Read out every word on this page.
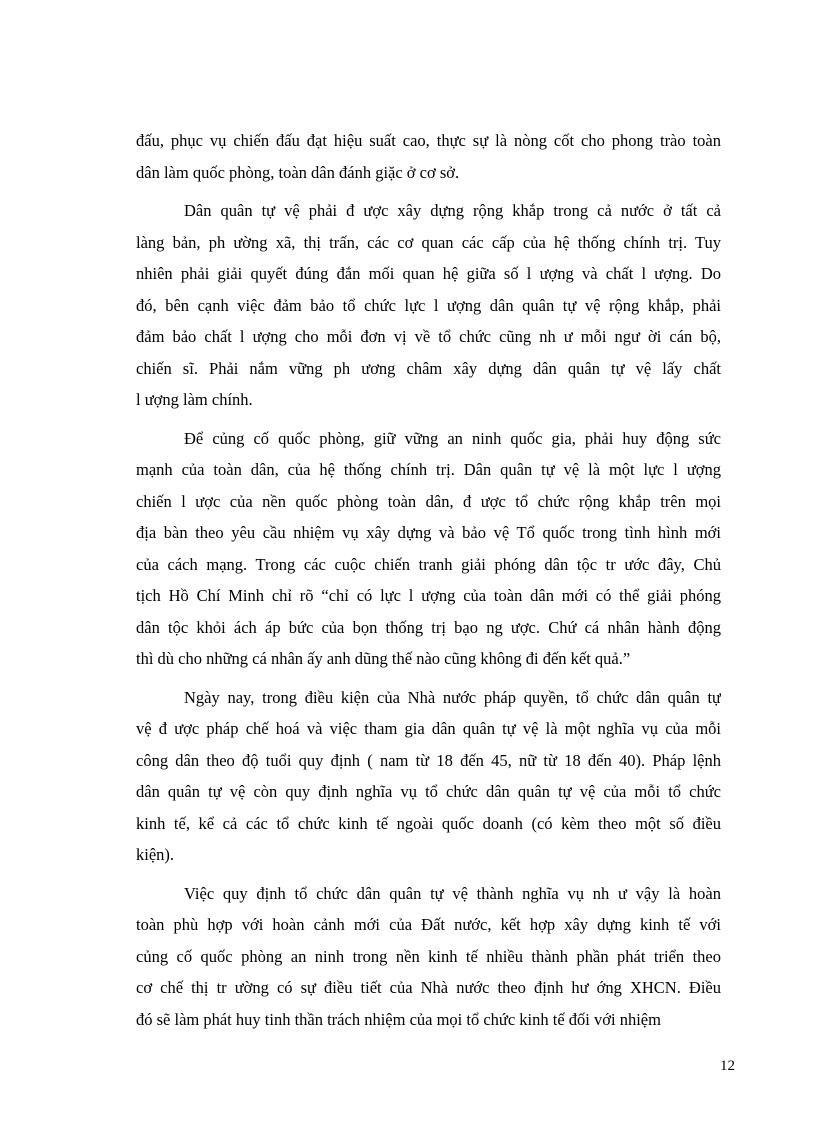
đấu, phục vụ chiến đấu đạt hiệu suất cao, thực sự là nòng cốt cho phong trào toàn
dân làm quốc phòng, toàn dân đánh giặc ở cơ sở.
Dân quân tự vệ phải đ ược xây dựng rộng khắp trong cả nước ở tất cả
làng bản, ph ường xã, thị trấn, các cơ quan các cấp của hệ thống chính trị. Tuy
nhiên phải giải quyết đúng đắn mối quan hệ giữa số l ượng và chất l ượng. Do
đó, bên cạnh việc đảm bảo tổ chức lực l ượng dân quân tự vệ rộng khắp, phải
đảm bảo chất l ượng cho mỗi đơn vị về tổ chức cũng nh ư mỗi ngư ời cán bộ,
chiến sĩ. Phải nắm vững ph ương châm xây dựng dân quân tự vệ lấy chất
l ượng làm chính.
Để củng cố quốc phòng, giữ vững an ninh quốc gia, phải huy động sức
mạnh của toàn dân, của hệ thống chính trị. Dân quân tự vệ là một lực l ượng
chiến l ược của nền quốc phòng toàn dân, đ ược tổ chức rộng khắp trên mọi
địa bàn theo yêu cầu nhiệm vụ xây dựng và bảo vệ Tổ quốc trong tình hình mới
của cách mạng. Trong các cuộc chiến tranh giải phóng dân tộc tr ước đây, Chủ
tịch Hồ Chí Minh chỉ rõ “chỉ có lực l ượng của toàn dân mới có thể giải phóng
dân tộc khỏi ách áp bức của bọn thống trị bạo ng ược. Chứ cá nhân hành động
thì dù cho những cá nhân ấy anh dũng thế nào cũng không đi đến kết quả.”
Ngày nay, trong điều kiện của Nhà nước pháp quyền, tổ chức dân quân tự
vệ đ ược pháp chế hoá và việc tham gia dân quân tự vệ là một nghĩa vụ của mỗi
công dân theo độ tuổi quy định ( nam từ 18 đến 45, nữ từ 18 đến 40). Pháp lệnh
dân quân tự vệ còn quy định nghĩa vụ tổ chức dân quân tự vệ của mỗi tổ chức
kinh tế, kể cả các tổ chức kinh tế ngoài quốc doanh (có kèm theo một số điều
kiện).
Việc quy định tổ chức dân quân tự vệ thành nghĩa vụ nh ư vậy là hoàn
toàn phù hợp với hoàn cảnh mới của Đất nước, kết hợp xây dựng kinh tế với
củng cố quốc phòng an ninh trong nền kinh tế nhiều thành phần phát triển theo
cơ chế thị tr ường có sự điều tiết của Nhà nước theo định hư ớng XHCN. Điều
đó sẽ làm phát huy tinh thần trách nhiệm của mọi tổ chức kinh tế đối với nhiệm
12
